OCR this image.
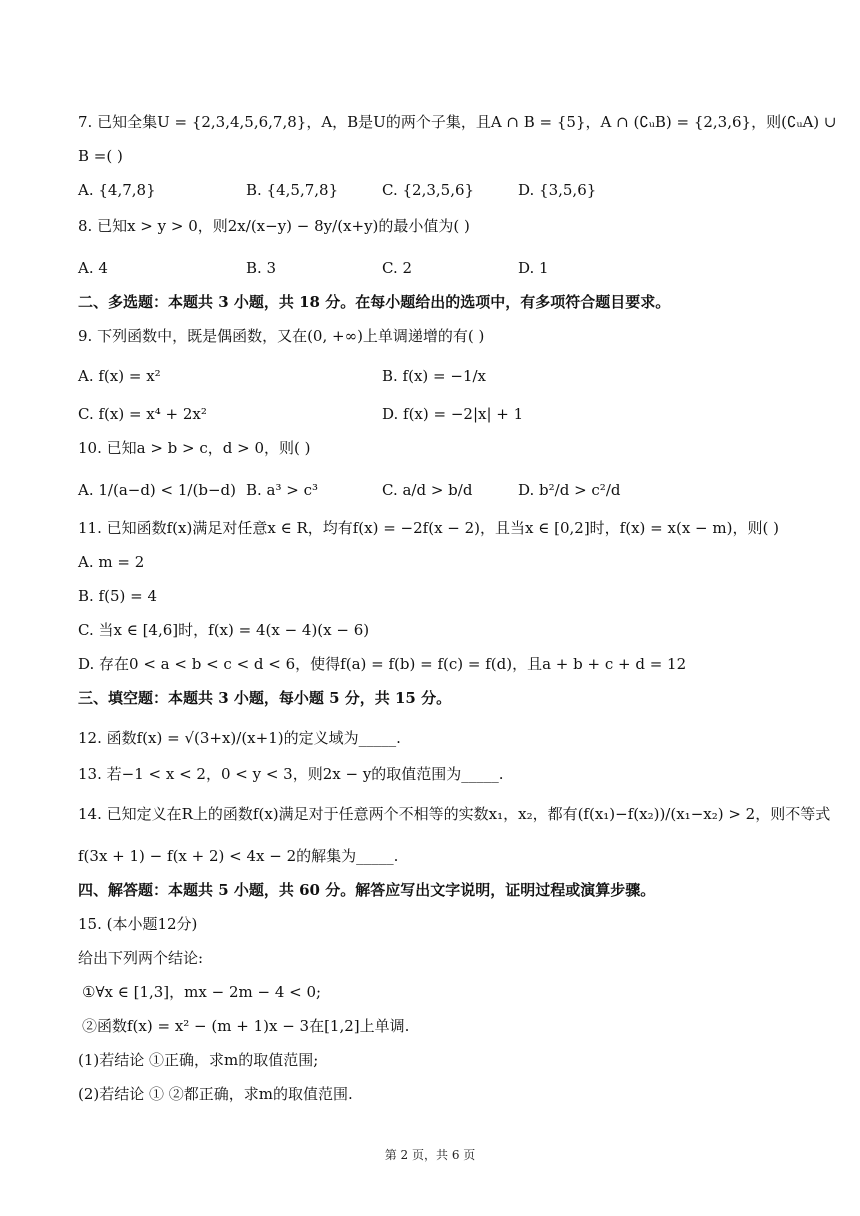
7. 已知全集U = {2,3,4,5,6,7,8}，A，B是U的两个子集，且A ∩ B = {5}，A ∩ (∁ᵤB) = {2,3,6}，则(∁ᵤA) ∪
B =( )
A. {4,7,8}	B. {4,5,7,8}	C. {2,3,5,6}	D. {3,5,6}
8. 已知x > y > 0，则2x/(x−y) − 8y/(x+y)的最小值为( )
A. 4	B. 3	C. 2	D. 1
二、多选题：本题共 3 小题，共 18 分。在每小题给出的选项中，有多项符合题目要求。
9. 下列函数中，既是偶函数，又在(0, +∞)上单调递增的有( )
A. f(x) = x²	B. f(x) = −1/x
C. f(x) = x⁴ + 2x²	D. f(x) = −2|x| + 1
10. 已知a > b > c，d > 0，则( )
A. 1/(a−d) < 1/(b−d) B. a³ > c³	C. a/d > b/d	D. b²/d > c²/d
11. 已知函数f(x)满足对任意x ∈ R，均有f(x) = −2f(x − 2)，且当x ∈ [0,2]时，f(x) = x(x − m)，则( )
A. m = 2
B. f(5) = 4
C. 当x ∈ [4,6]时，f(x) = 4(x − 4)(x − 6)
D. 存在0 < a < b < c < d < 6，使得f(a) = f(b) = f(c) = f(d)，且a + b + c + d = 12
三、填空题：本题共 3 小题，每小题 5 分，共 15 分。
12. 函数f(x) = √(3+x)/(x+1)的定义域为_____.
13. 若−1 < x < 2，0 < y < 3，则2x − y的取值范围为_____.
14. 已知定义在R上的函数f(x)满足对于任意两个不相等的实数x₁，x₂，都有(f(x₁)−f(x₂))/(x₁−x₂) > 2，则不等式
f(3x + 1) − f(x + 2) < 4x − 2的解集为_____.
四、解答题：本题共 5 小题，共 60 分。解答应写出文字说明，证明过程或演算步骤。
15. (本小题12分)
给出下列两个结论:
①∀x ∈ [1,3]，mx − 2m − 4 < 0;
②函数f(x) = x² − (m + 1)x − 3在[1,2]上单调.
(1)若结论 ①正确，求m的取值范围;
(2)若结论 ① ②都正确，求m的取值范围.
第 2 页，共 6 页
